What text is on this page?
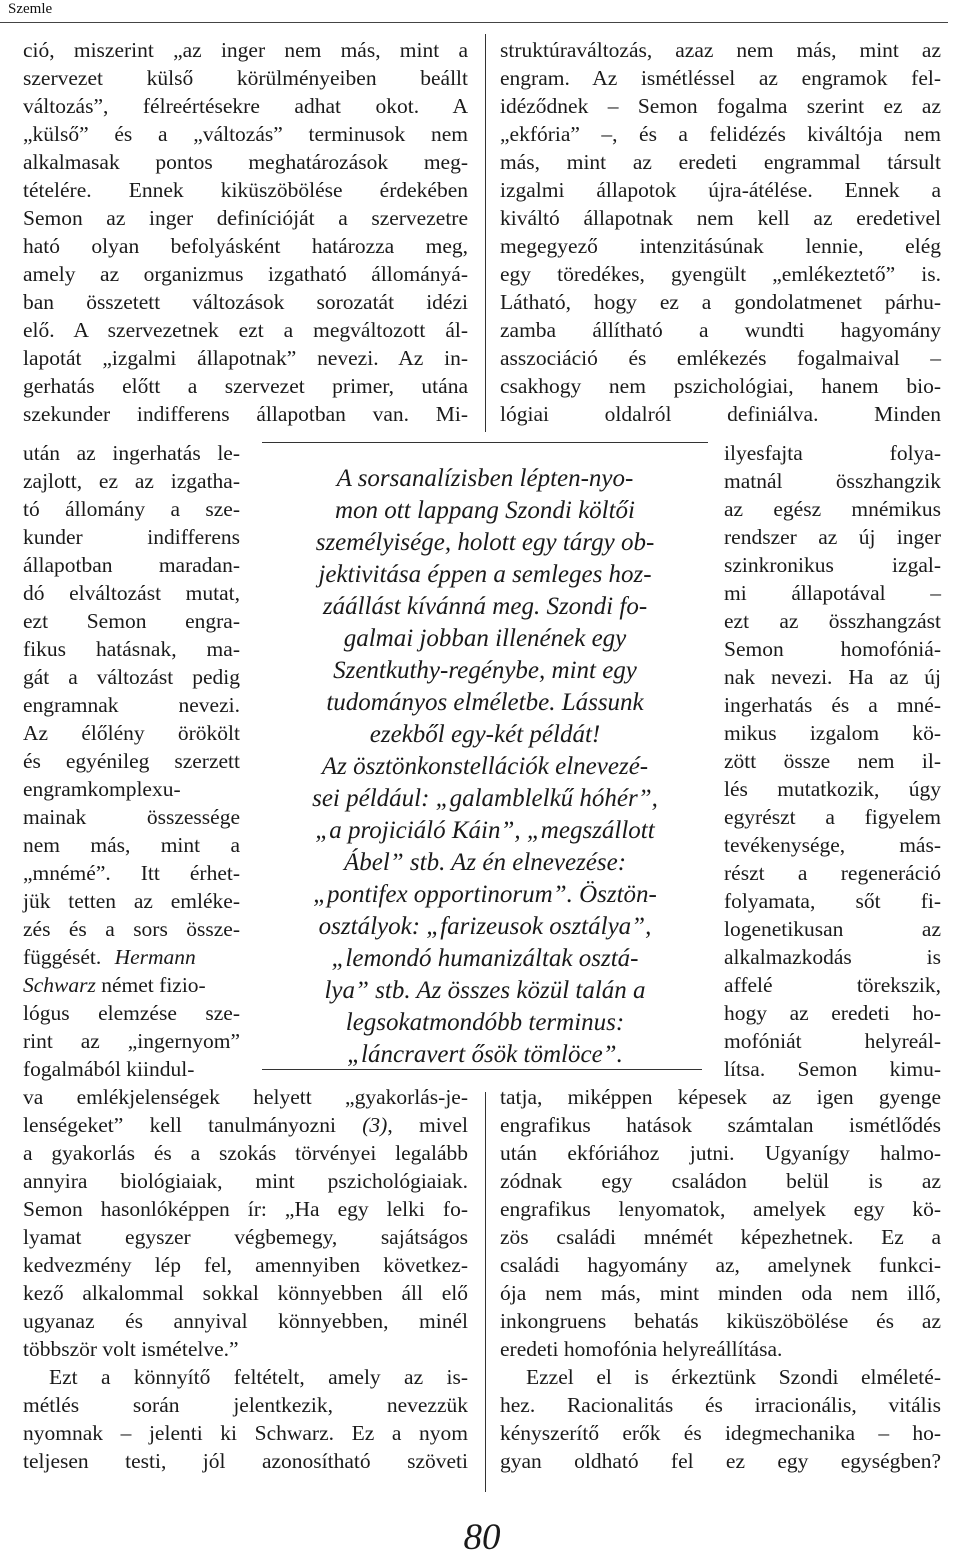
Szemle
ció, miszerint „az inger nem más, mint a
szervezet külső körülményeiben beállt
változás”, félreértésekre adhat okot. A
„külső” és a „változás” terminusok nem
alkalmasak pontos meghatározások meg-
tételére. Ennek kiküszöbölése érdekében
Semon az inger definícióját a szervezetre
ható olyan befolyásként határozza meg,
amely az organizmus izgatható állományá-
ban összetett változások sorozatát idézi
elő. A szervezetnek ezt a megváltozott ál-
lapotát „izgalmi állapotnak” nevezi. Az in-
gerhatás előtt a szervezet primer, utána
szekunder indifferens állapotban van. Mi-
után az ingerhatás le-
zajlott, ez az izgatha-
tó állomány a sze-
kunder indifferens
állapotban maradan-
dó elváltozást mutat,
ezt Semon engra-
fikus hatásnak, ma-
gát a változást pedig
engramnak nevezi.
Az élőlény örökölt
és egyénileg szerzett
engramkomplexu-
mainak összessége
nem más, mint a
„mnémé”. Itt érhet-
jük tetten az emléke-
zés és a sors össze-
függését. Hermann
Schwarz német fizio-
lógus elemzése sze-
rint az „ingernyom”
fogalmából kiindul-
va emlékjelenségek helyett „gyakorlás-je-
lenségeket” kell tanulmányozni (3), mivel
a gyakorlás és a szokás törvényei legalább
annyira biológiaiak, mint pszichológiaiak.
Semon hasonlóképpen ír: „Ha egy lelki fo-
lyamat egyszer végbemegy, sajátságos
kedvezmény lép fel, amennyiben következ-
kező alkalommal sokkal könnyebben áll elő
ugyanaz és annyival könnyebben, minél
többször volt ismételve.”
Ezt a könnyítő feltételt, amely az is-
métlés során jelentkezik, nevezzük
nyomnak – jelenti ki Schwarz. Ez a nyom
teljesen testi, jól azonosítható szöveti
struktúraváltozás, azaz nem más, mint az
engram. Az ismétléssel az engramok fel-
idéződnek – Semon fogalma szerint ez az
„ekfória” –, és a felidézés kiváltója nem
más, mint az eredeti engrammal társult
izgalmi állapotok újra-átélése. Ennek a
kiváltó állapotnak nem kell az eredetivel
megegyező intenzitásúnak lennie, elég
egy töredékes, gyengült „emlékeztető” is.
Látható, hogy ez a gondolatmenet párhu-
zamba állítható a wundti hagyomány
asszociáció és emlékezés fogalmaival –
csakhogy nem pszichológiai, hanem bio-
lógiai oldalról definiálva. Minden
ilyesfajta folya-
matnál összhangzik
az egész mnémikus
rendszer az új inger
szinkronikus izgal-
mi állapotával –
ezt az összhangzást
Semon homofóniá-
nak nevezi. Ha az új
ingerhatás és a mné-
mikus izgalom kö-
zött össze nem il-
lés mutatkozik, úgy
egyrészt a figyelem
tevékenysége, más-
részt a regeneráció
folyamata, sőt fi-
logenetikusan az
alkalmazkodás is
affelé törekszik,
hogy az eredeti ho-
mofóniát helyreál-
lítsa. Semon kimu-
tatja, miképpen képesek az igen gyenge
engrafikus hatások számtalan ismétlődés
után ekfóriához jutni. Ugyanígy halmo-
zódnak egy családon belül is az
engrafikus lenyomatok, amelyek egy kö-
zös családi mnémét képezhetnek. Ez a
családi hagyomány az, amelynek funkci-
ója nem más, mint minden oda nem illő,
inkongruens behatás kiküszöbölése és az
eredeti homofónia helyreállítása.
Ezzel el is érkeztünk Szondi elméleté-
hez. Racionalitás és irracionális, vitális
kényszerítő erők és idegmechanika – ho-
gyan oldható fel ez egy egységben?
A sorsanalízisben lépten-nyo-
mon ott lappang Szondi költői
személyisége, holott egy tárgy ob-
jektivitása éppen a semleges hoz-
záállást kívánná meg. Szondi fo-
galmai jobban illenének egy
Szentkuthy-regénybe, mint egy
tudományos elméletbe. Lássunk
ezekből egy-két példát!
Az ösztönkonstellációk elnevezé-
sei például: „galamblelkű hóhér”,
„a projiciáló Káin”, „megszállott
Ábel” stb. Az én elnevezése:
„pontifex opportinorum”. Ösztön-
osztályok: „farizeusok osztálya”,
„lemondó humanizáltak osztá-
lya” stb. Az összes közül talán a
legsokatmondóbb terminus:
„láncravert ősök tömlöce”.
80
